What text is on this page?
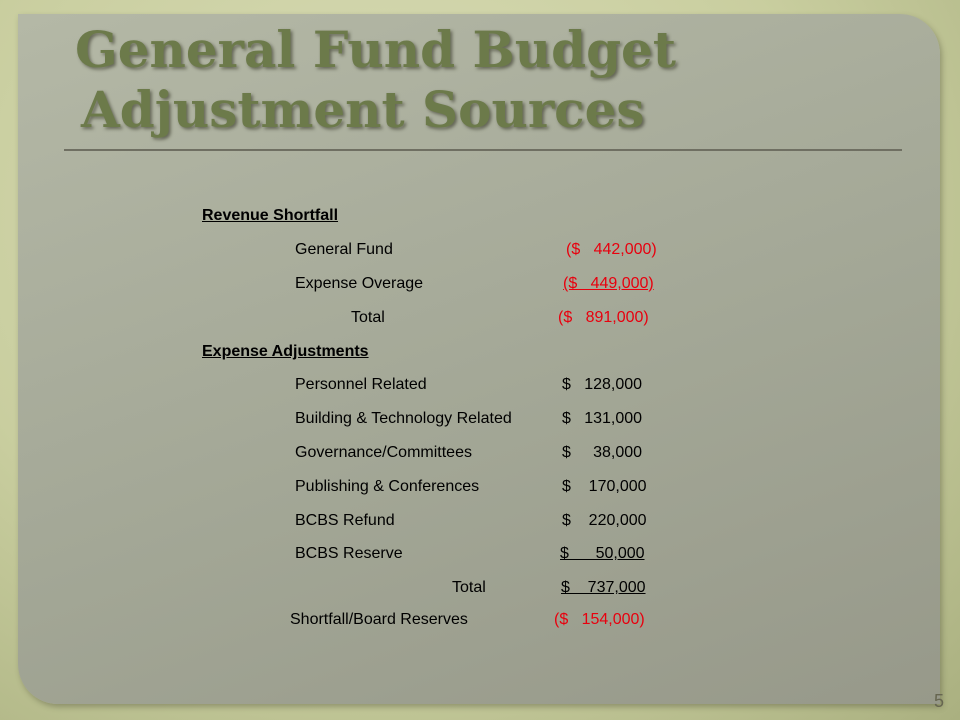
General Fund Budget
Adjustment Sources
Revenue Shortfall
General Fund	($   442,000)
Expense Overage	($   449,000)
Total	($   891,000)
Expense Adjustments
Personnel Related	$   128,000
Building & Technology Related	$   131,000
Governance/Committees	$     38,000
Publishing & Conferences	$    170,000
BCBS Refund	$    220,000
BCBS Reserve	$      50,000
Total	$    737,000
Shortfall/Board Reserves	($   154,000)
5
